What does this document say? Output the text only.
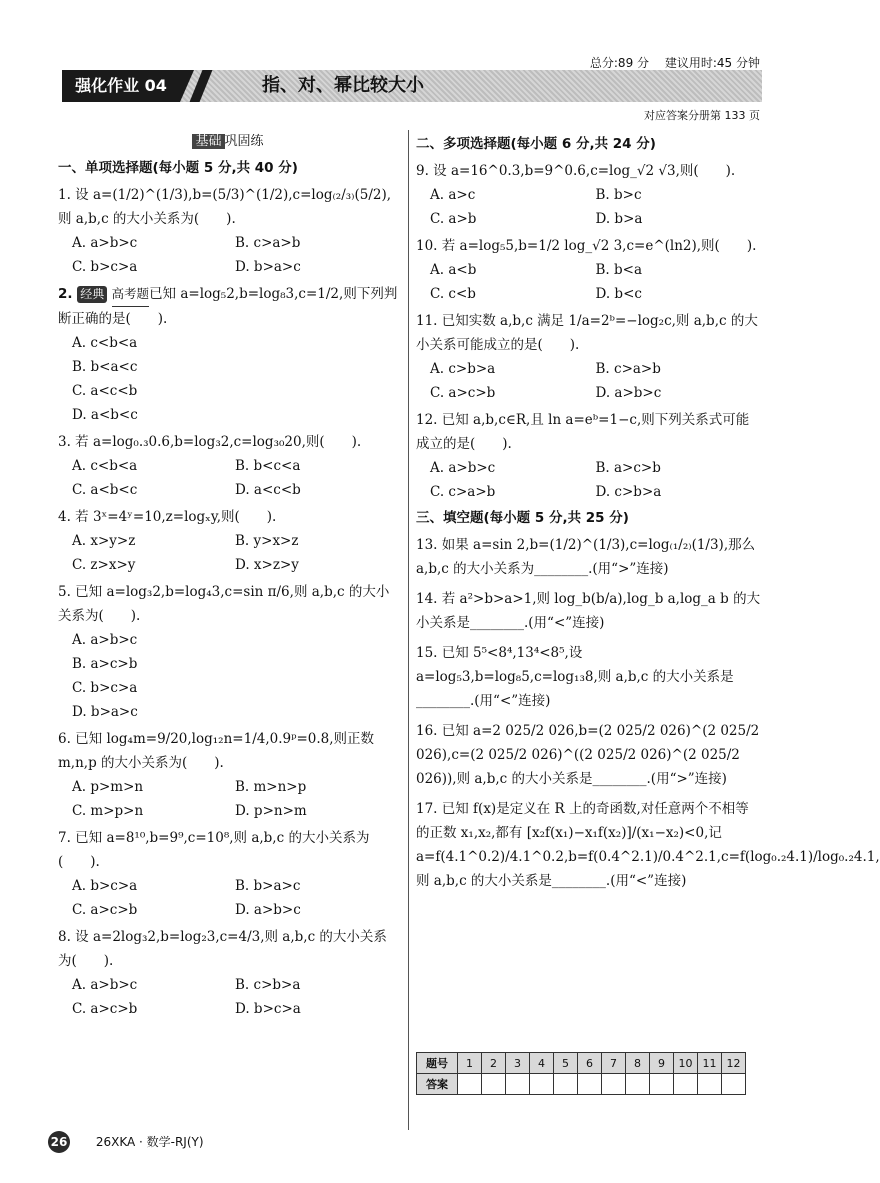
总分:89 分 建议用时:45 分钟
强化作业 04	指、对、幂比较大小
对应答案分册第 133 页
基础 巩固练
一、单项选择题(每小题 5 分,共 40 分)
1. 设 a=(1/2)^(1/3),b=(5/3)^(1/2),c=log₍₂/₃₎(5/2),则 a,b,c 的大小关系为(　　).
A. a>b>c	B. c>a>b
C. b>c>a	D. b>a>c
2. 经典 高考题已知 a=log₅2,b=log₈3,c=1/2,则下列判断正确的是(　　).
A. c<b<a
B. b<a<c
C. a<c<b
D. a<b<c
3. 若 a=log₀.₃0.6,b=log₃2,c=log₃₀20,则(　　).
A. c<b<a	B. b<c<a
C. a<b<c	D. a<c<b
4. 若 3ˣ=4ʸ=10,z=logₓy,则(　　).
A. x>y>z	B. y>x>z
C. z>x>y	D. x>z>y
5. 已知 a=log₃2,b=log₄3,c=sin π/6,则 a,b,c 的大小关系为(　　).
A. a>b>c
B. a>c>b
C. b>c>a
D. b>a>c
6. 已知 log₄m=9/20,log₁₂n=1/4,0.9ᵖ=0.8,则正数 m,n,p 的大小关系为(　　).
A. p>m>n	B. m>n>p
C. m>p>n	D. p>n>m
7. 已知 a=8¹⁰,b=9⁹,c=10⁸,则 a,b,c 的大小关系为(　　).
A. b>c>a	B. b>a>c
C. a>c>b	D. a>b>c
8. 设 a=2log₃2,b=log₂3,c=4/3,则 a,b,c 的大小关系为(　　).
A. a>b>c	B. c>b>a
C. a>c>b	D. b>c>a
二、多项选择题(每小题 6 分,共 24 分)
9. 设 a=16^0.3,b=9^0.6,c=log_√2 √3,则(　　).
A. a>c	B. b>c
C. a>b	D. b>a
10. 若 a=log₅5,b=1/2 log_√2 3,c=e^(ln2),则(　　).
A. a<b	B. b<a
C. c<b	D. b<c
11. 已知实数 a,b,c 满足 1/a=2ᵇ=−log₂c,则 a,b,c 的大小关系可能成立的是(　　).
A. c>b>a	B. c>a>b
C. a>c>b	D. a>b>c
12. 已知 a,b,c∈R,且 ln a=eᵇ=1−c,则下列关系式可能成立的是(　　).
A. a>b>c	B. a>c>b
C. c>a>b	D. c>b>a
三、填空题(每小题 5 分,共 25 分)
13. 如果 a=sin 2,b=(1/2)^(1/3),c=log₍₁/₂₎(1/3),那么 a,b,c 的大小关系为________.(用“>”连接)
14. 若 a²>b>a>1,则 log_b(b/a),log_b a,log_a b 的大小关系是________.(用“<”连接)
15. 已知 5⁵<8⁴,13⁴<8⁵,设 a=log₅3,b=log₈5,c=log₁₃8,则 a,b,c 的大小关系是________.(用“<”连接)
16. 已知 a=2 025/2 026,b=(2 025/2 026)^(2 025/2 026),c=(2 025/2 026)^((2 025/2 026)^(2 025/2 026)),则 a,b,c 的大小关系是________.(用“>”连接)
17. 已知 f(x)是定义在 R 上的奇函数,对任意两个不相等的正数 x₁,x₂,都有 [x₂f(x₁)−x₁f(x₂)]/(x₁−x₂)<0,记 a=f(4.1^0.2)/4.1^0.2,b=f(0.4^2.1)/0.4^2.1,c=f(log₀.₂4.1)/log₀.₂4.1,则 a,b,c 的大小关系是________.(用“<”连接)
题号	1	2	3	4	5	6	7	8	9	10	11	12
答案												
26 26XKA · 数学-RJ(Y)
